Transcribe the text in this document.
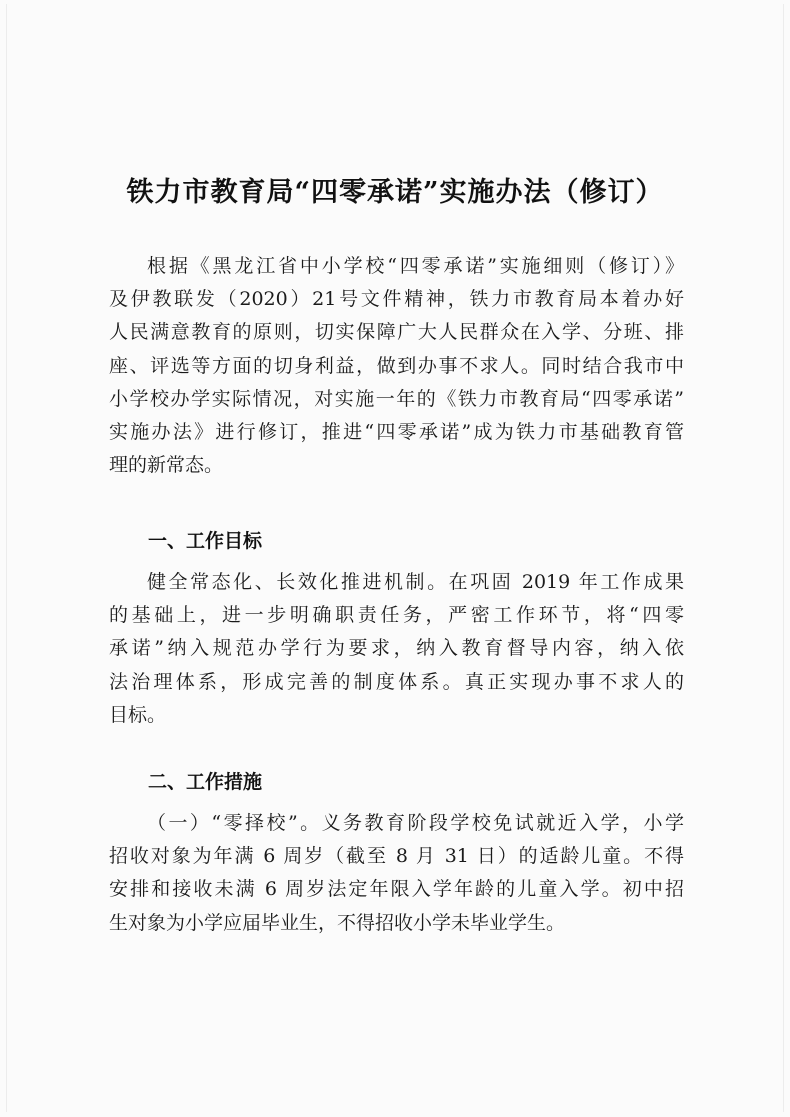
铁力市教育局“四零承诺”实施办法（修订）
根据《黑龙江省中小学校“四零承诺”实施细则（修订）》
及伊教联发（2020）21号文件精神，铁力市教育局本着办好
人民满意教育的原则，切实保障广大人民群众在入学、分班、排
座、评选等方面的切身利益，做到办事不求人。同时结合我市中
小学校办学实际情况，对实施一年的《铁力市教育局“四零承诺”
实施办法》进行修订，推进“四零承诺”成为铁力市基础教育管
理的新常态。
一、工作目标
健全常态化、长效化推进机制。在巩固 2019 年工作成果
的基础上，进一步明确职责任务，严密工作环节，将“四零
承诺”纳入规范办学行为要求，纳入教育督导内容，纳入依
法治理体系，形成完善的制度体系。真正实现办事不求人的
目标。
二、工作措施
（一）“零择校”。义务教育阶段学校免试就近入学，小学
招收对象为年满 6 周岁（截至 8 月 31 日）的适龄儿童。不得
安排和接收未满 6 周岁法定年限入学年龄的儿童入学。初中招
生对象为小学应届毕业生，不得招收小学未毕业学生。
